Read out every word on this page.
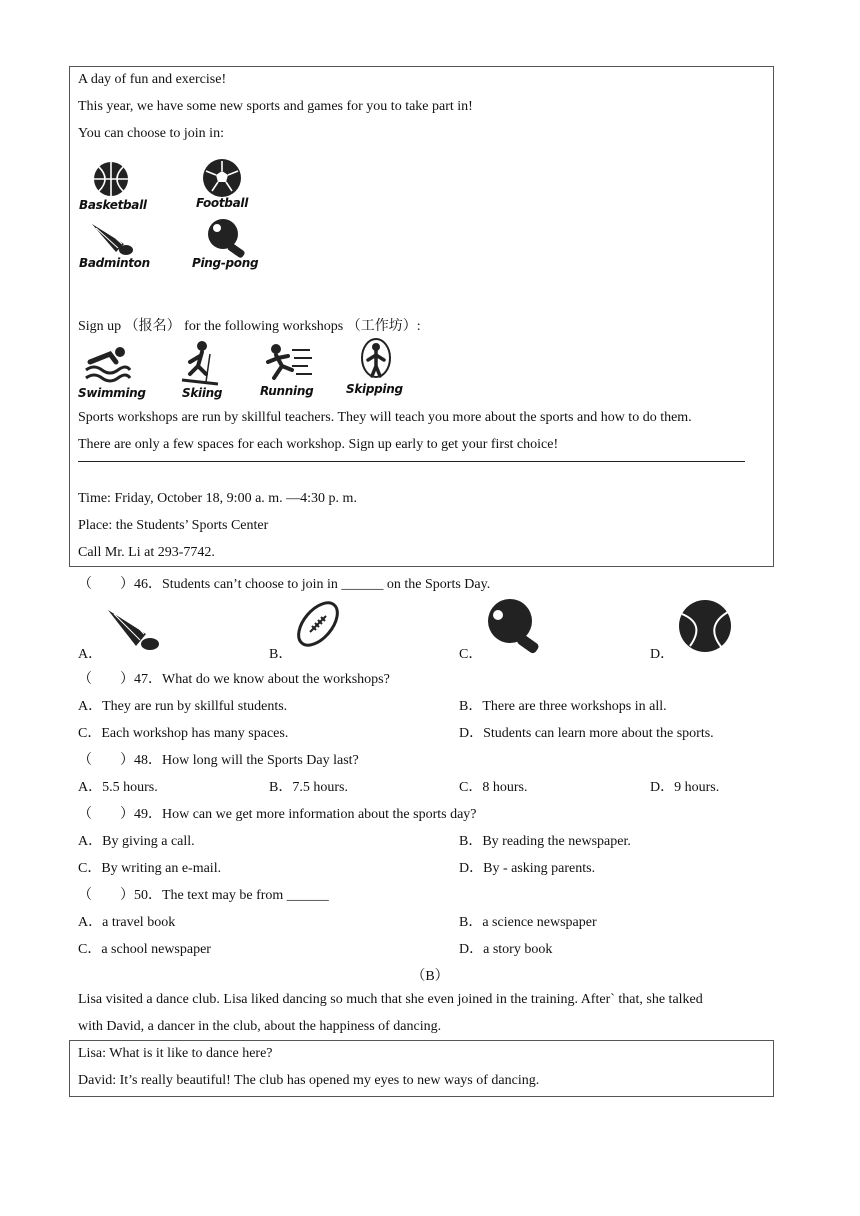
A day of fun and exercise!
This year, we have some new sports and games for you to take part in!
You can choose to join in:
Basketball	Football
Badminton	Ping-pong
Sign up （报名） for the following workshops （工作坊）:
Swimming	Skiing	Running	Skipping
Sports workshops are run by skillful teachers. They will teach you more about the sports and how to do them.
There are only a few spaces for each workshop. Sign up early to get your first choice!
Time: Friday, October 18, 9:00 a. m. —4:30 p. m.
Place: the Students’ Sports Center
Call Mr. Li at 293-7742.
（　　）46．Students can’t choose to join in ______ on the Sports Day.
A．	B．	C．	D．
（　　）47．What do we know about the workshops?
A．They are run by skillful students.	B．There are three workshops in all.
C．Each workshop has many spaces.	D．Students can learn more about the sports.
（　　）48．How long will the Sports Day last?
A．5.5 hours.	B．7.5 hours.	C．8 hours.	D．9 hours.
（　　）49．How can we get more information about the sports day?
A．By giving a call.	B．By reading the newspaper.
C．By writing an e-mail.	D．By - asking parents.
（　　）50．The text may be from ______
A．a travel book	B．a science newspaper
C．a school newspaper	D．a story book
（B）
Lisa visited a dance club. Lisa liked dancing so much that she even joined in the training. After` that, she talked
with David, a dancer in the club, about the happiness of dancing.
Lisa: What is it like to dance here?
David: It’s really beautiful! The club has opened my eyes to new ways of dancing.
